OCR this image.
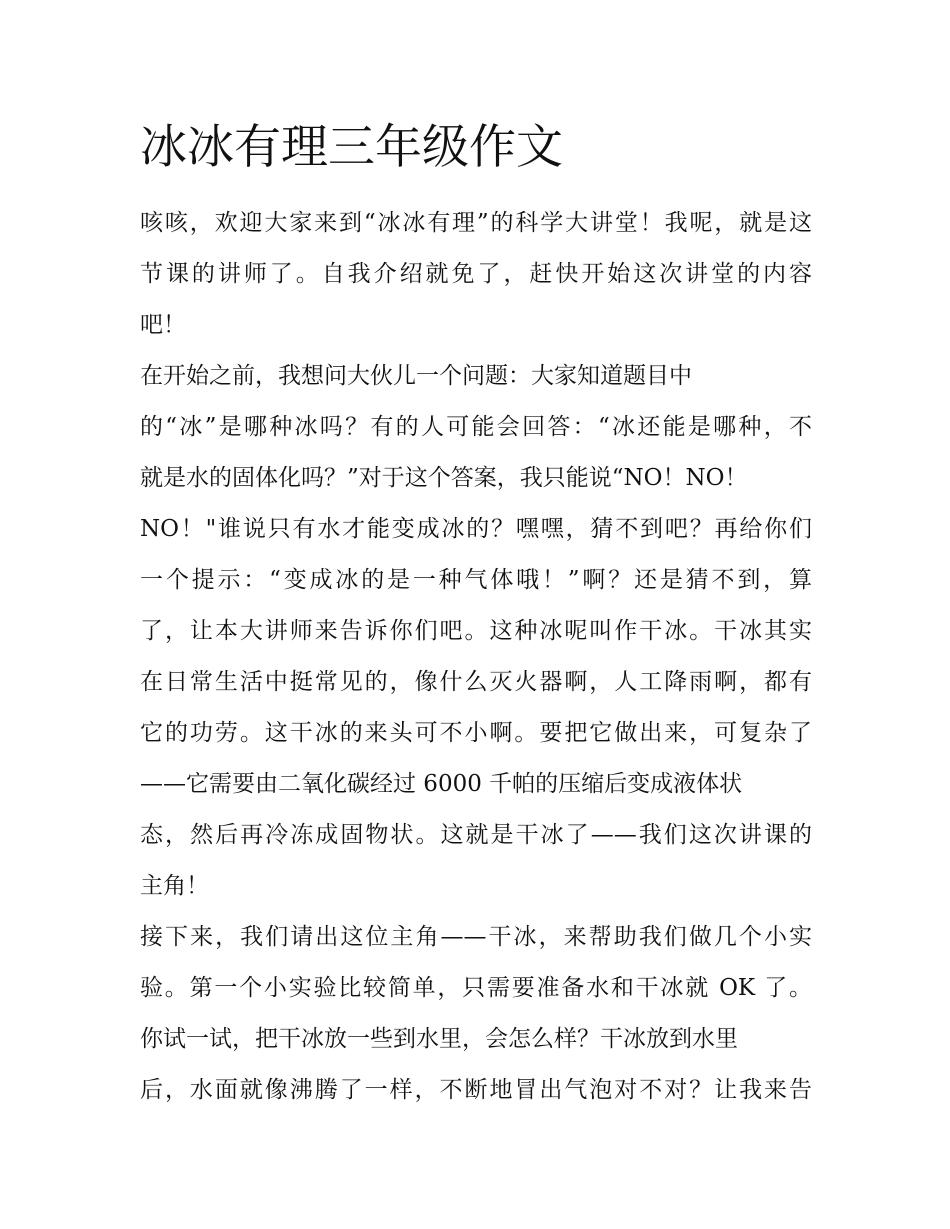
冰冰有理三年级作文
咳咳，欢迎大家来到“冰冰有理”的科学大讲堂！我呢，就是这
节课的讲师了。自我介绍就免了，赶快开始这次讲堂的内容
吧！
在开始之前，我想问大伙儿一个问题：大家知道题目中
的“冰”是哪种冰吗？有的人可能会回答：“冰还能是哪种，不
就是水的固体化吗？”对于这个答案，我只能说“NO！NO！
NO！"谁说只有水才能变成冰的？嘿嘿，猜不到吧？再给你们
一个提示：“变成冰的是一种气体哦！”啊？还是猜不到，算
了，让本大讲师来告诉你们吧。这种冰呢叫作干冰。干冰其实
在日常生活中挺常见的，像什么灭火器啊，人工降雨啊，都有
它的功劳。这干冰的来头可不小啊。要把它做出来，可复杂了
——它需要由二氧化碳经过 6000 千帕的压缩后变成液体状
态，然后再冷冻成固物状。这就是干冰了——我们这次讲课的
主角！
接下来，我们请出这位主角——干冰，来帮助我们做几个小实
验。第一个小实验比较简单，只需要准备水和干冰就 OK 了。
你试一试，把干冰放一些到水里，会怎么样？干冰放到水里
后，水面就像沸腾了一样，不断地冒出气泡对不对？让我来告
